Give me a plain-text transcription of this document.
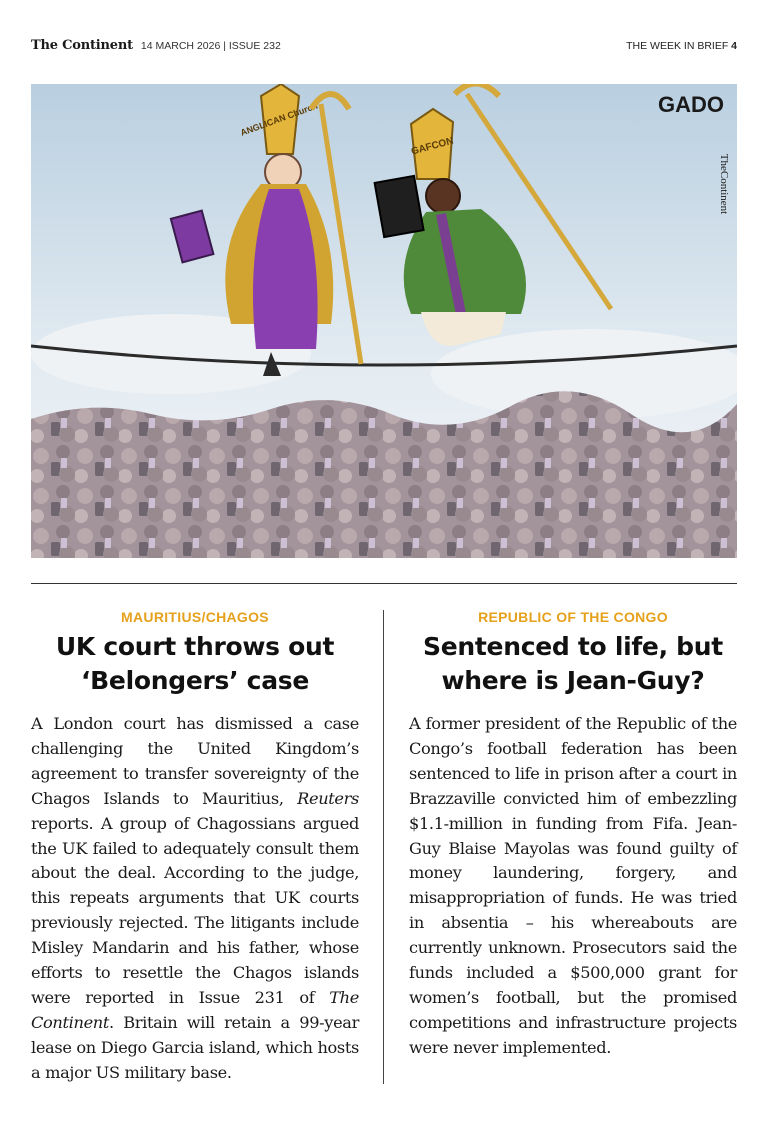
The Continent 14 MARCH 2026 | ISSUE 232	THE WEEK IN BRIEF 4
ANGLICAN Church
GAFCON
GADO
TheContinent
MAURITIUS/CHAGOS
UK court throws out ‘Belongers’ case
A London court has dismissed a case challenging the United Kingdom’s agreement to transfer sovereignty of the Chagos Islands to Mauritius, Reuters reports. A group of Chagossians argued the UK failed to adequately consult them about the deal. According to the judge, this repeats arguments that UK courts previously rejected. The litigants include Misley Mandarin and his father, whose efforts to resettle the Chagos islands were reported in Issue 231 of The Continent. Britain will retain a 99-year lease on Diego Garcia island, which hosts a major US military base.
REPUBLIC OF THE CONGO
Sentenced to life, but where is Jean-Guy?
A former president of the Republic of the Congo’s football federation has been sentenced to life in prison after a court in Brazzaville convicted him of embezzling $1.1-million in funding from Fifa. Jean-Guy Blaise Mayolas was found guilty of money laundering, forgery, and misappropriation of funds. He was tried in absentia – his whereabouts are currently unknown. Prosecutors said the funds included a $500,000 grant for women’s football, but the promised competitions and infrastructure projects were never implemented.
